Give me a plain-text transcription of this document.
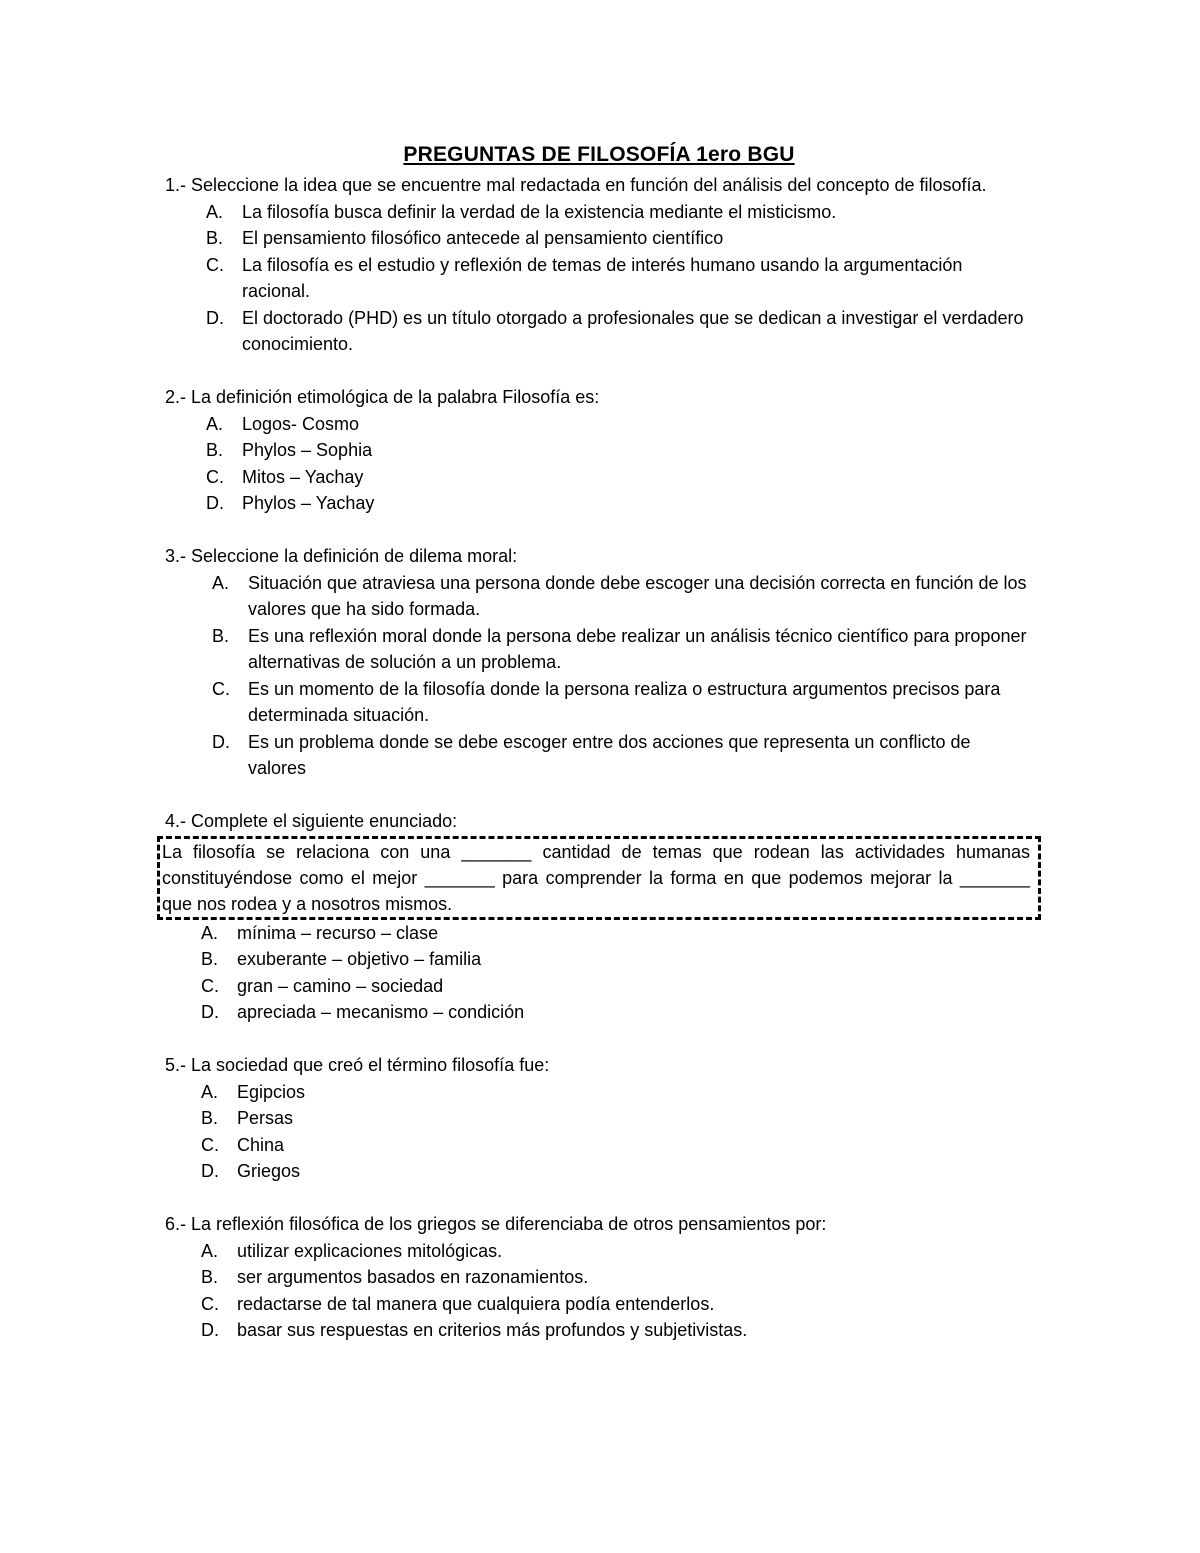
PREGUNTAS DE FILOSOFÍA 1ero BGU

1.- Seleccione la idea que se encuentre mal redactada en función del análisis del concepto de filosofía.

A. La filosofía busca definir la verdad de la existencia mediante el misticismo.
B. El pensamiento filosófico antecede al pensamiento científico
C. La filosofía es el estudio y reflexión de temas de interés humano usando la argumentación racional.
D. El doctorado (PHD) es un título otorgado a profesionales que se dedican a investigar el verdadero conocimiento.

2.- La definición etimológica de la palabra Filosofía es:

A. Logos- Cosmo
B. Phylos – Sophia
C. Mitos – Yachay
D. Phylos – Yachay

3.- Seleccione la definición de dilema moral:

A. Situación que atraviesa una persona donde debe escoger una decisión correcta en función de los valores que ha sido formada.
B. Es una reflexión moral donde la persona debe realizar un análisis técnico científico para proponer alternativas de solución a un problema.
C. Es un momento de la filosofía donde la persona realiza o estructura argumentos precisos para determinada situación.
D. Es un problema donde se debe escoger entre dos acciones que representa un conflicto de valores

4.- Complete el siguiente enunciado:

La filosofía se relaciona con una _______ cantidad de temas que rodean las actividades humanas constituyéndose como el mejor _______ para comprender la forma en que podemos mejorar la _______ que nos rodea y a nosotros mismos.
A. mínima – recurso – clase
B. exuberante – objetivo – familia
C. gran – camino – sociedad
D. apreciada – mecanismo – condición

5.- La sociedad que creó el término filosofía fue:

A. Egipcios
B. Persas
C. China
D. Griegos

6.- La reflexión filosófica de los griegos se diferenciaba de otros pensamientos por:

A. utilizar explicaciones mitológicas.
B. ser argumentos basados en razonamientos.
C. redactarse de tal manera que cualquiera podía entenderlos.
D. basar sus respuestas en criterios más profundos y subjetivistas.
